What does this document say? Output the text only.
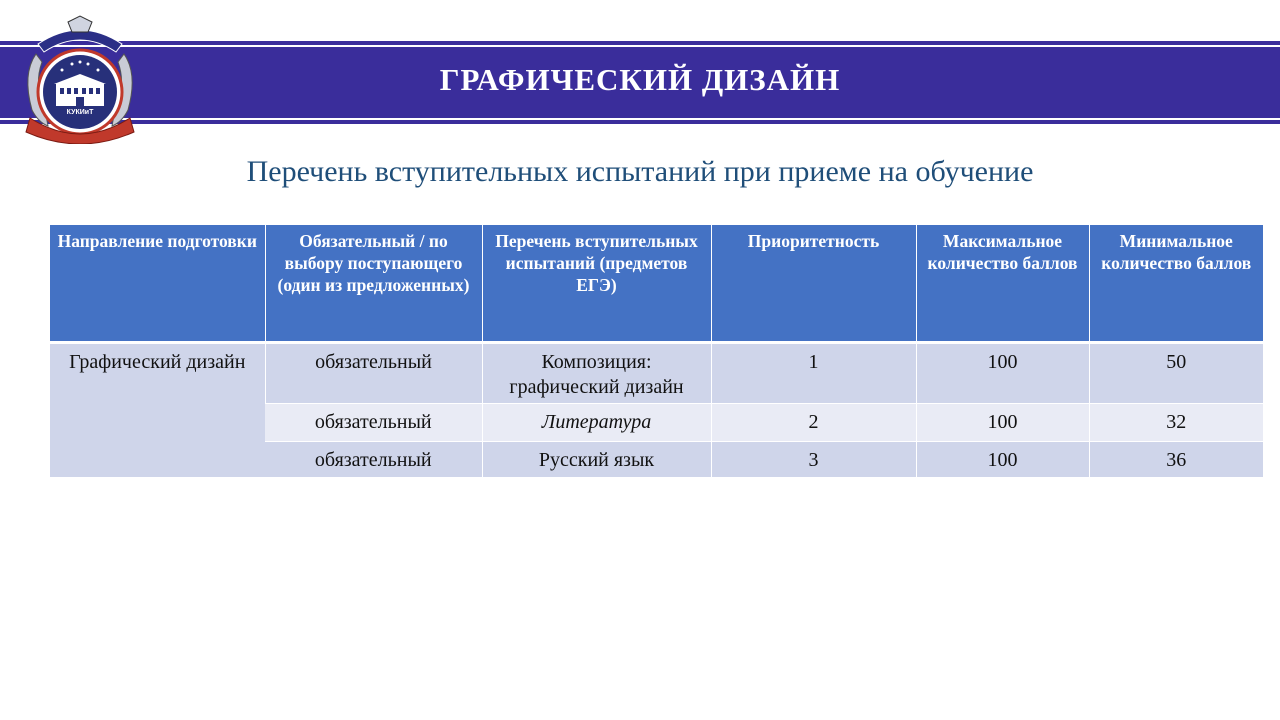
ГРАФИЧЕСКИЙ ДИЗАЙН
КУКИиТ
Перечень вступительных испытаний при приеме на обучение
Направление подготовки	Обязательный / по выбору поступающего (один из предложенных)	Перечень вступительных испытаний (предметов ЕГЭ)	Приоритетность	Максимальное количество баллов	Минимальное количество баллов
Графический дизайн	обязательный	Композиция: графический дизайн	1	100	50
	обязательный	Литература	2	100	32
	обязательный	Русский язык	3	100	36
